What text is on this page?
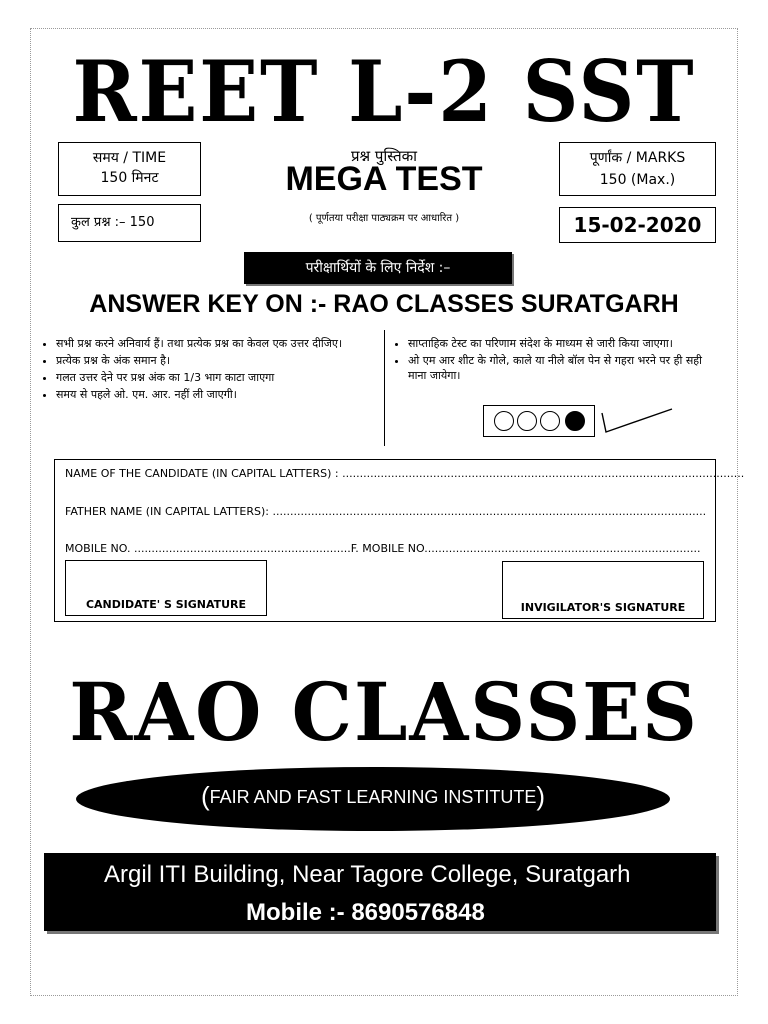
REET L-2 SST
समय / TIME
150 मिनट
कुल प्रश्न :– 150
प्रश्न पुस्तिका
MEGA TEST
( पूर्णतया परीक्षा पाठ्यक्रम पर आधारित )
पूर्णांक / MARKS
150 (Max.)
15-02-2020
परीक्षार्थियों के लिए निर्देश :–
ANSWER KEY ON :- RAO CLASSES SURATGARH
• सभी प्रश्न करने अनिवार्य हैं। तथा प्रत्येक प्रश्न का केवल एक उत्तर दीजिए।
• प्रत्येक प्रश्न के अंक समान है।
• गलत उत्तर देने पर प्रश्न अंक का 1/3 भाग काटा जाएगा
• समय से पहले ओ. एम. आर. नहीं ली जाएगी।
• साप्ताहिक टेस्ट का परिणाम संदेश के माध्यम से जारी किया जाएगा।
• ओ एम आर शीट के गोले, काले या नीले बॉल पेन से गहरा भरने पर ही सही माना जायेगा।
NAME OF THE CANDIDATE (IN CAPITAL LATTERS) : ...................................................................................................................
FATHER NAME (IN CAPITAL LATTERS): ............................................................................................................................
MOBILE NO. ..............................................................F. MOBILE NO...............................................................................
CANDIDATE' S SIGNATURE	INVIGILATOR'S SIGNATURE
RAO CLASSES
(FAIR AND FAST LEARNING INSTITUTE)
Argil ITI Building, Near Tagore College, Suratgarh
Mobile :- 8690576848
